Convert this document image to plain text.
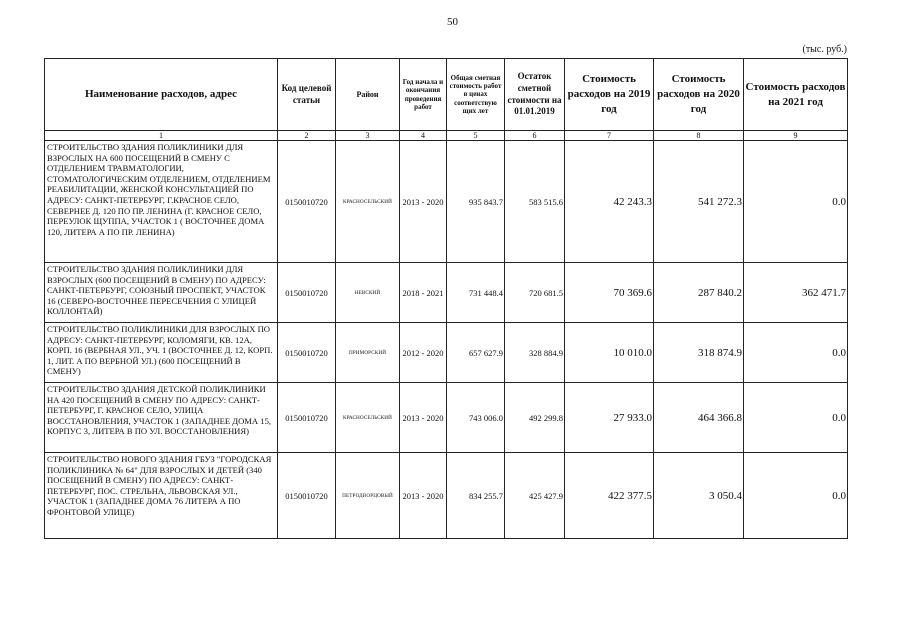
50
(тыс. руб.)
Наименование расходов, адрес	Код целевой статьи	Район	Год начала и окончания проведения работ	Общая сметная стоимость работ в ценах соответствую щих лет	Остаток сметной стоимости на 01.01.2019	Стоимость расходов на 2019 год	Стоимость расходов на 2020 год	Стоимость расходов на 2021 год
1	2	3	4	5	6	7	8	9
СТРОИТЕЛЬСТВО ЗДАНИЯ ПОЛИКЛИНИКИ ДЛЯ ВЗРОСЛЫХ НА 600 ПОСЕЩЕНИЙ В СМЕНУ С ОТДЕЛЕНИЕМ ТРАВМАТОЛОГИИ, СТОМАТОЛОГИЧЕСКИМ ОТДЕЛЕНИЕМ, ОТДЕЛЕНИЕМ РЕАБИЛИТАЦИИ, ЖЕНСКОЙ КОНСУЛЬТАЦИЕЙ ПО АДРЕСУ: САНКТ-ПЕТЕРБУРГ, Г.КРАСНОЕ СЕЛО, СЕВЕРНЕЕ Д. 120 ПО ПР. ЛЕНИНА (Г. КРАСНОЕ СЕЛО, ПЕРЕУЛОК ЩУППА, УЧАСТОК 1 ( ВОСТОЧНЕЕ ДОМА 120, ЛИТЕРА А ПО ПР. ЛЕНИНА)	0150010720	КРАСНОСЕЛЬСКИЙ	2013 - 2020	935 843.7	583 515.6	42 243.3	541 272.3	0.0
СТРОИТЕЛЬСТВО ЗДАНИЯ ПОЛИКЛИНИКИ ДЛЯ ВЗРОСЛЫХ (600 ПОСЕЩЕНИЙ В СМЕНУ) ПО АДРЕСУ: САНКТ-ПЕТЕРБУРГ, СОЮЗНЫЙ ПРОСПЕКТ, УЧАСТОК 16 (СЕВЕРО-ВОСТОЧНЕЕ ПЕРЕСЕЧЕНИЯ С УЛИЦЕЙ КОЛЛОНТАЙ)	0150010720	НЕВСКИЙ	2018 - 2021	731 448.4	720 681.5	70 369.6	287 840.2	362 471.7
СТРОИТЕЛЬСТВО ПОЛИКЛИНИКИ ДЛЯ ВЗРОСЛЫХ ПО АДРЕСУ: САНКТ-ПЕТЕРБУРГ, КОЛОМЯГИ, КВ. 12А, КОРП. 16 (ВЕРБНАЯ УЛ., УЧ. 1 (ВОСТОЧНЕЕ Д. 12, КОРП. 1, ЛИТ. А ПО ВЕРБНОЙ УЛ.) (600 ПОСЕЩЕНИЙ В СМЕНУ)	0150010720	ПРИМОРСКИЙ	2012 - 2020	657 627.9	328 884.9	10 010.0	318 874.9	0.0
СТРОИТЕЛЬСТВО ЗДАНИЯ ДЕТСКОЙ ПОЛИКЛИНИКИ НА 420 ПОСЕЩЕНИЙ В СМЕНУ ПО АДРЕСУ: САНКТ-ПЕТЕРБУРГ, Г. КРАСНОЕ СЕЛО, УЛИЦА ВОССТАНОВЛЕНИЯ, УЧАСТОК 1 (ЗАПАДНЕЕ ДОМА 15, КОРПУС 3, ЛИТЕРА В ПО УЛ. ВОССТАНОВЛЕНИЯ)	0150010720	КРАСНОСЕЛЬСКИЙ	2013 - 2020	743 006.0	492 299.8	27 933.0	464 366.8	0.0
СТРОИТЕЛЬСТВО НОВОГО ЗДАНИЯ ГБУЗ "ГОРОДСКАЯ ПОЛИКЛИНИКА № 64" ДЛЯ ВЗРОСЛЫХ И ДЕТЕЙ (340 ПОСЕЩЕНИЙ В СМЕНУ) ПО АДРЕСУ: САНКТ-ПЕТЕРБУРГ, ПОС. СТРЕЛЬНА, ЛЬВОВСКАЯ УЛ., УЧАСТОК 1 (ЗАПАДНЕЕ ДОМА 76 ЛИТЕРА А ПО ФРОНТОВОЙ УЛИЦЕ)	0150010720	ПЕТРОДВОРЦОВЫЙ	2013 - 2020	834 255.7	425 427.9	422 377.5	3 050.4	0.0
